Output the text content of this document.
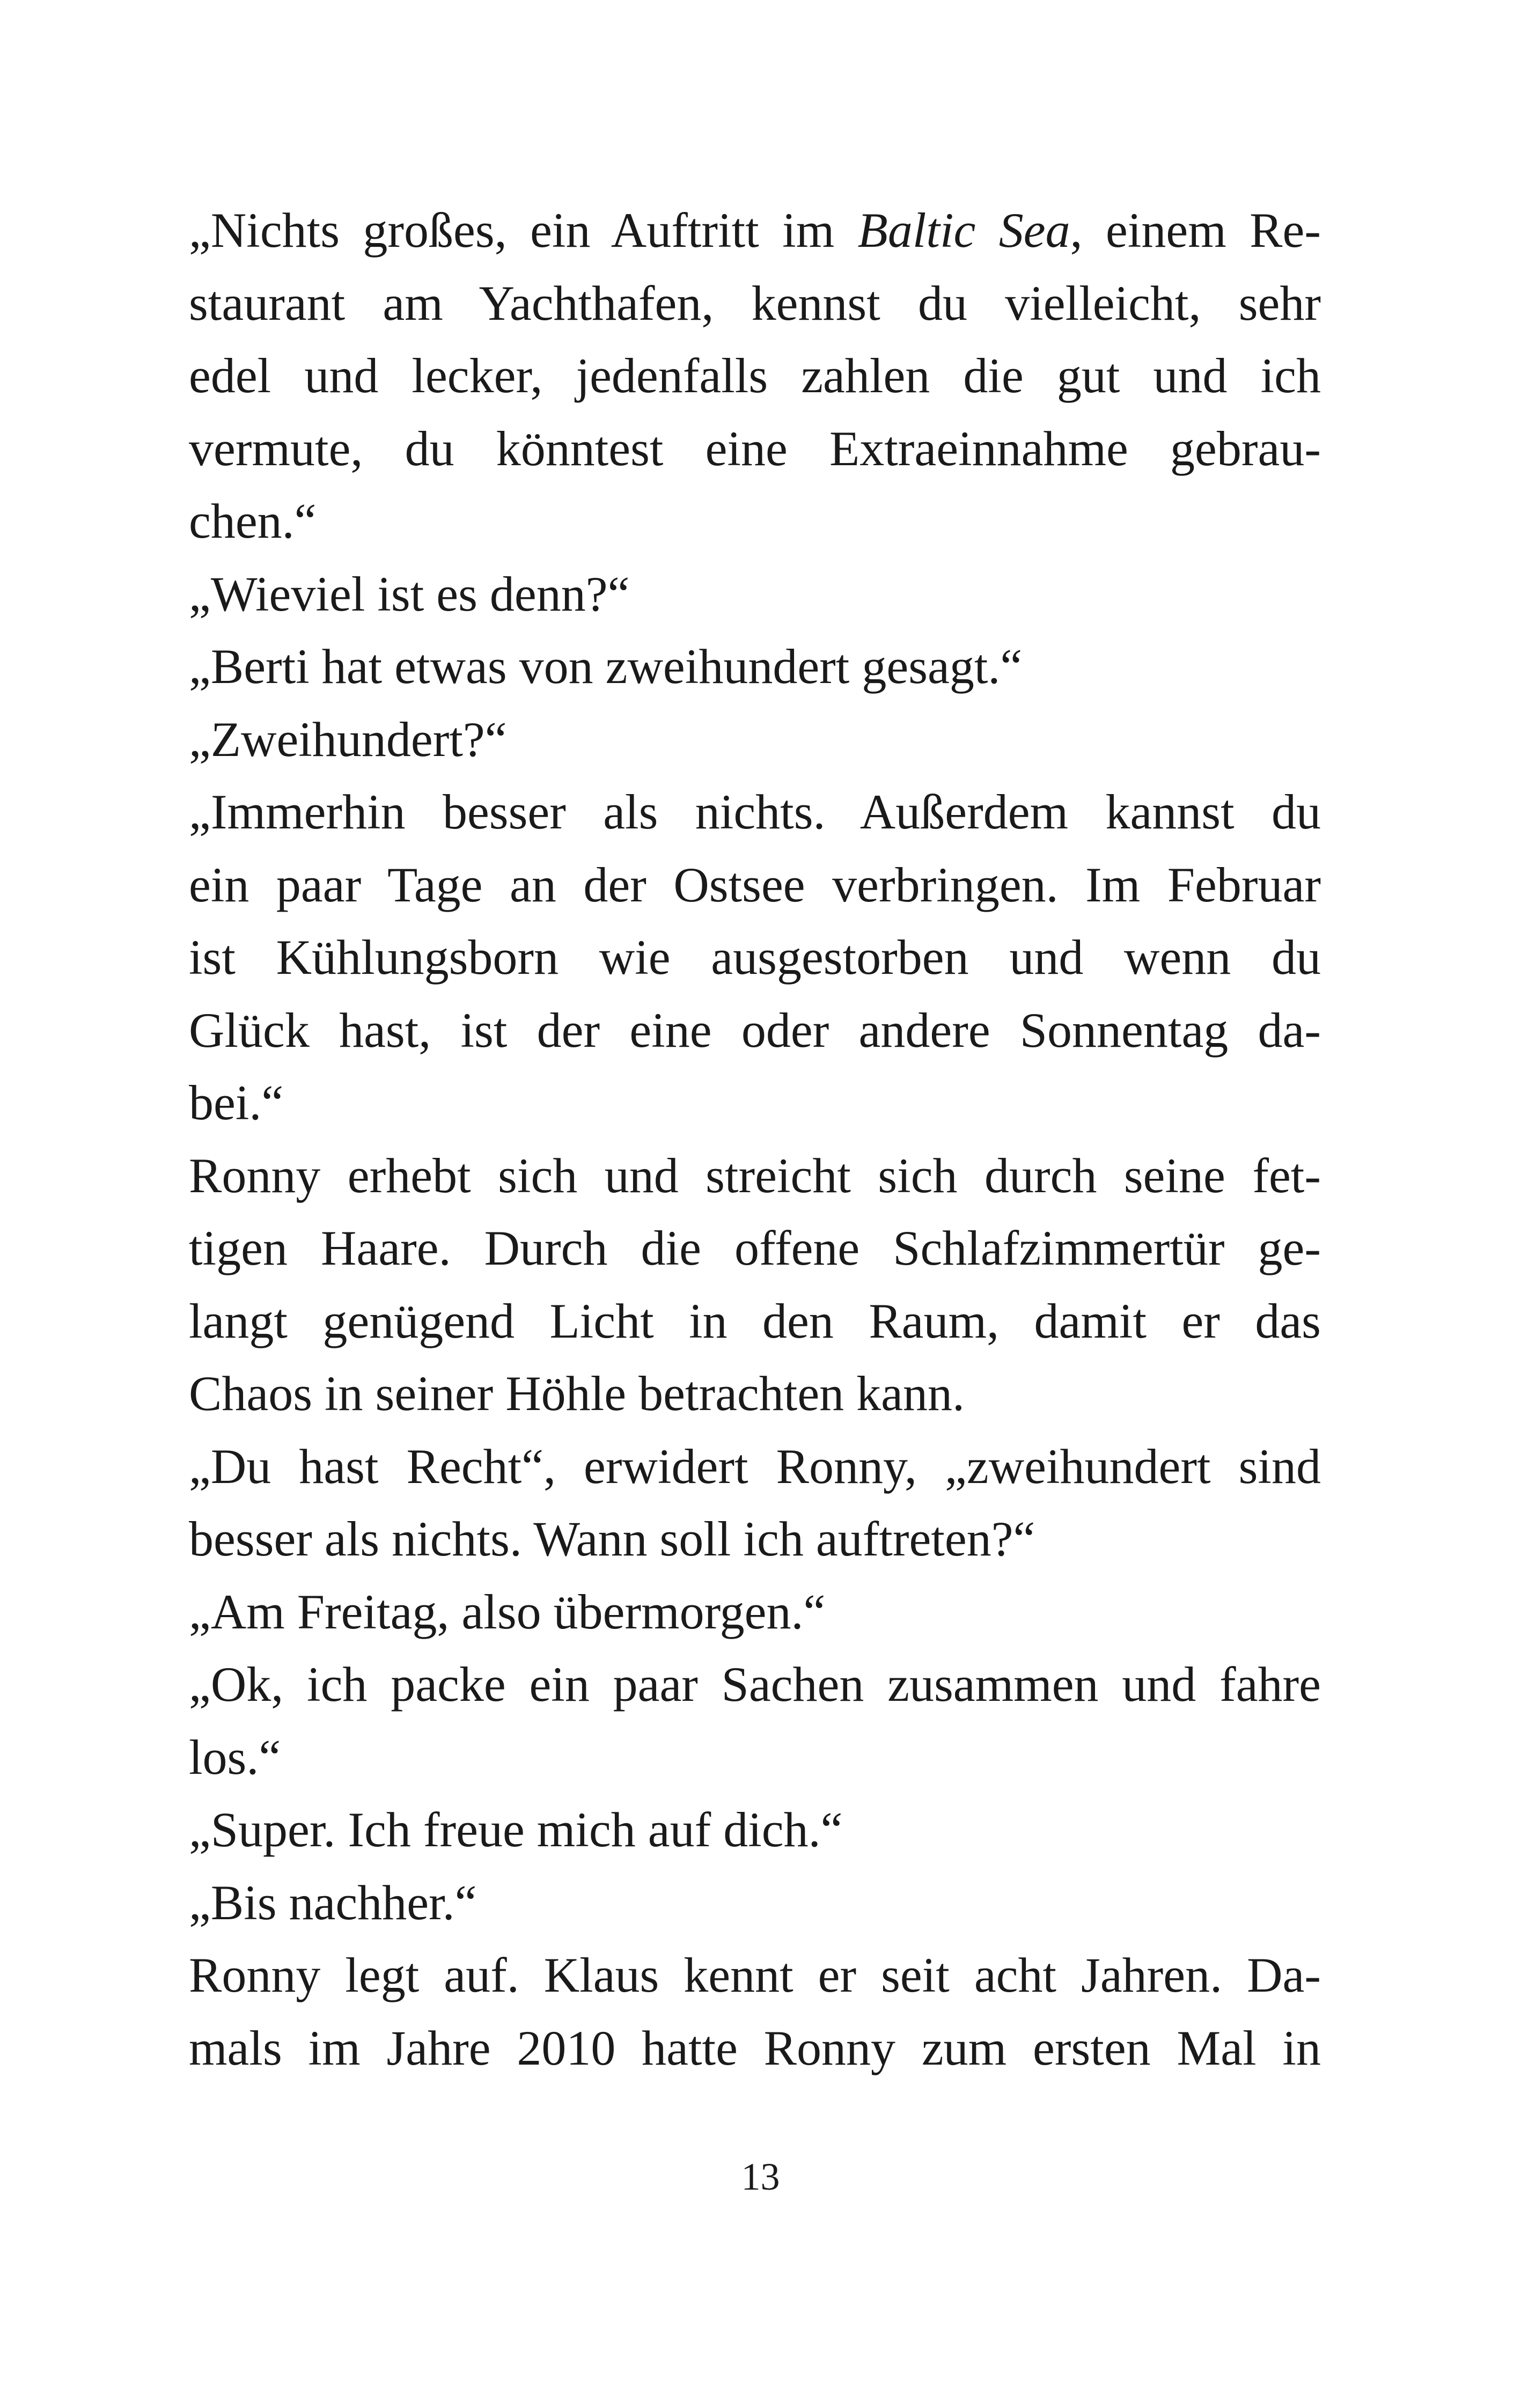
„Nichts großes, ein Auftritt im Baltic Sea, einem Re-
staurant am Yachthafen, kennst du vielleicht, sehr
edel und lecker, jedenfalls zahlen die gut und ich
vermute, du könntest eine Extraeinnahme gebrau-
chen.“
„Wieviel ist es denn?“
„Berti hat etwas von zweihundert gesagt.“
„Zweihundert?“
„Immerhin besser als nichts. Außerdem kannst du
ein paar Tage an der Ostsee verbringen. Im Februar
ist Kühlungsborn wie ausgestorben und wenn du
Glück hast, ist der eine oder andere Sonnentag da-
bei.“
Ronny erhebt sich und streicht sich durch seine fet-
tigen Haare. Durch die offene Schlafzimmertür ge-
langt genügend Licht in den Raum, damit er das
Chaos in seiner Höhle betrachten kann.
„Du hast Recht“, erwidert Ronny, „zweihundert sind
besser als nichts. Wann soll ich auftreten?“
„Am Freitag, also übermorgen.“
„Ok, ich packe ein paar Sachen zusammen und fahre
los.“
„Super. Ich freue mich auf dich.“
„Bis nachher.“
Ronny legt auf. Klaus kennt er seit acht Jahren. Da-
mals im Jahre 2010 hatte Ronny zum ersten Mal in
13
